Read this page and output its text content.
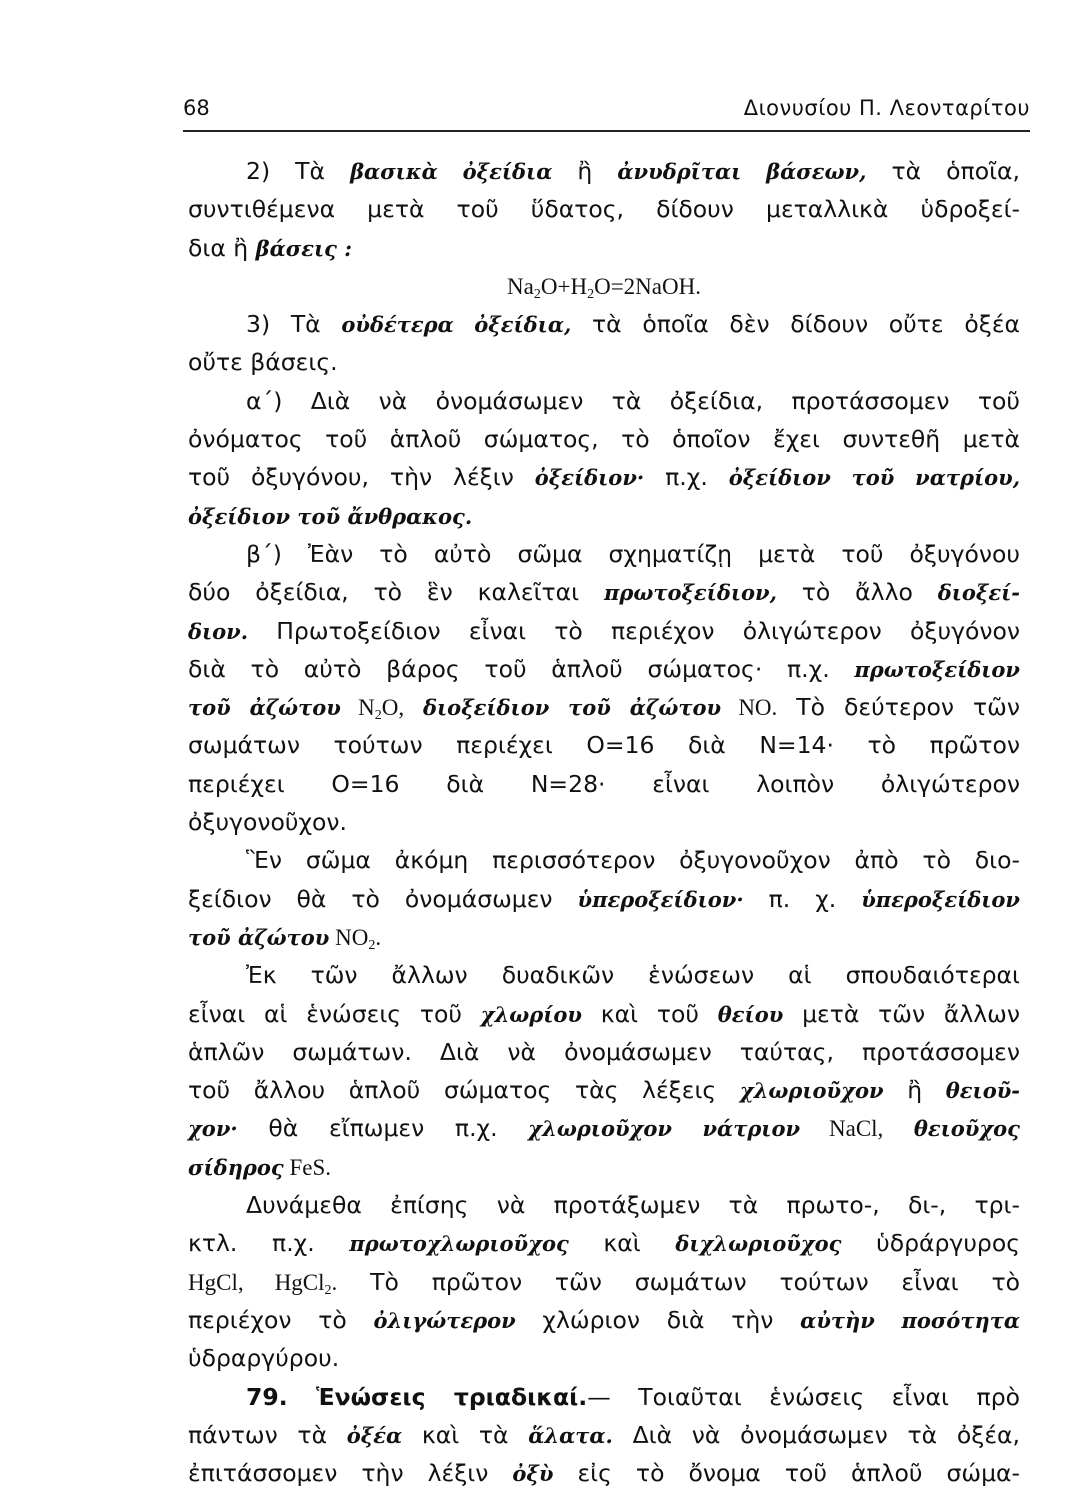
68	Διονυσίου Π. Λεονταρίτου
2) Τὰ βασικὰ ὀξείδια ἢ ἀνυδρῖται βάσεων, τὰ ὁποῖα,
συντιθέμενα μετὰ τοῦ ὕδατος, δίδουν μεταλλικὰ ὑδροξεί-
δια ἢ βάσεις :
$Na_2O+H_2O=2NaOH$.
3) Τὰ οὐδέτερα ὀξείδια, τὰ ὁποῖα δὲν δίδουν οὔτε ὀξέα
οὔτε βάσεις.
α΄) Διὰ νὰ ὀνομάσωμεν τὰ ὀξείδια, προτάσσομεν τοῦ
ὀνόματος τοῦ ἁπλοῦ σώματος, τὸ ὁποῖον ἔχει συντεθῆ μετὰ
τοῦ ὀξυγόνου, τὴν λέξιν ὀξείδιον· π.χ. ὀξείδιον τοῦ νατρίου,
ὀξείδιον τοῦ ἄνθρακος.
β΄) Ἐὰν τὸ αὐτὸ σῶμα σχηματίζῃ μετὰ τοῦ ὀξυγόνου
δύο ὀξείδια, τὸ ἓν καλεῖται πρωτοξείδιον, τὸ ἄλλο διοξεί-
διον. Πρωτοξείδιον εἶναι τὸ περιέχον ὀλιγώτερον ὀξυγόνον
διὰ τὸ αὐτὸ βάρος τοῦ ἁπλοῦ σώματος· π.χ. πρωτοξείδιον
τοῦ ἀζώτου $N_2O$, διοξείδιον τοῦ ἀζώτου NO. Τὸ δεύτερον τῶν
σωμάτων τούτων περιέχει O=16 διὰ N=14· τὸ πρῶτον
περιέχει O=16 διὰ N=28· εἶναι λοιπὸν ὀλιγώτερον
ὀξυγονοῦχον.
Ἓν σῶμα ἀκόμη περισσότερον ὀξυγονοῦχον ἀπὸ τὸ διο-
ξείδιον θὰ τὸ ὀνομάσωμεν ὑπεροξείδιον· π. χ. ὑπεροξείδιον
τοῦ ἀζώτου $NO_2$.
Ἐκ τῶν ἄλλων δυαδικῶν ἑνώσεων αἱ σπουδαιότεραι
εἶναι αἱ ἑνώσεις τοῦ χλωρίου καὶ τοῦ θείου μετὰ τῶν ἄλλων
ἁπλῶν σωμάτων. Διὰ νὰ ὀνομάσωμεν ταύτας, προτάσσομεν
τοῦ ἄλλου ἁπλοῦ σώματος τὰς λέξεις χλωριοῦχον ἢ θειοῦ-
χον· θὰ εἴπωμεν π.χ. χλωριοῦχον νάτριον NaCl, θειοῦχος
σίδηρος FeS.
Δυνάμεθα ἐπίσης νὰ προτάξωμεν τὰ πρωτο-, δι-, τρι-
κτλ. π.χ. πρωτοχλωριοῦχος καὶ διχλωριοῦχος ὑδράργυρος
HgCl, HgCl$_2$. Τὸ πρῶτον τῶν σωμάτων τούτων εἶναι τὸ
περιέχον τὸ ὀλιγώτερον χλώριον διὰ τὴν αὐτὴν ποσότητα
ὑδραργύρου.
79. Ἑνώσεις τριαδικαί.— Τοιαῦται ἑνώσεις εἶναι πρὸ
πάντων τὰ ὀξέα καὶ τὰ ἅλατα. Διὰ νὰ ὀνομάσωμεν τὰ ὀξέα,
ἐπιτάσσομεν τὴν λέξιν ὀξὺ εἰς τὸ ὄνομα τοῦ ἁπλοῦ σώμα-
